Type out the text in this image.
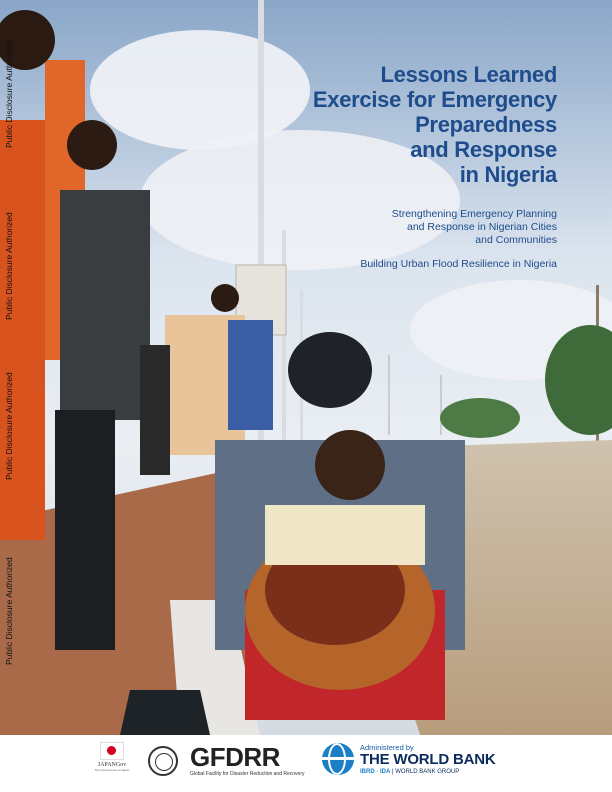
Lessons Learned
Exercise for Emergency
Preparedness
and Response
in Nigeria
Strengthening Emergency Planning
and Response in Nigerian Cities
and Communities
Building Urban Flood Resilience in Nigeria
Public Disclosure Authorized
Public Disclosure Authorized
Public Disclosure Authorized
Public Disclosure Authorized
JAPANGov
The Government of Japan GFDRR
Global Facility for Disaster Reduction and Recovery
Administered by
THE WORLD BANK
IBRD · IDA | WORLD BANK GROUP
